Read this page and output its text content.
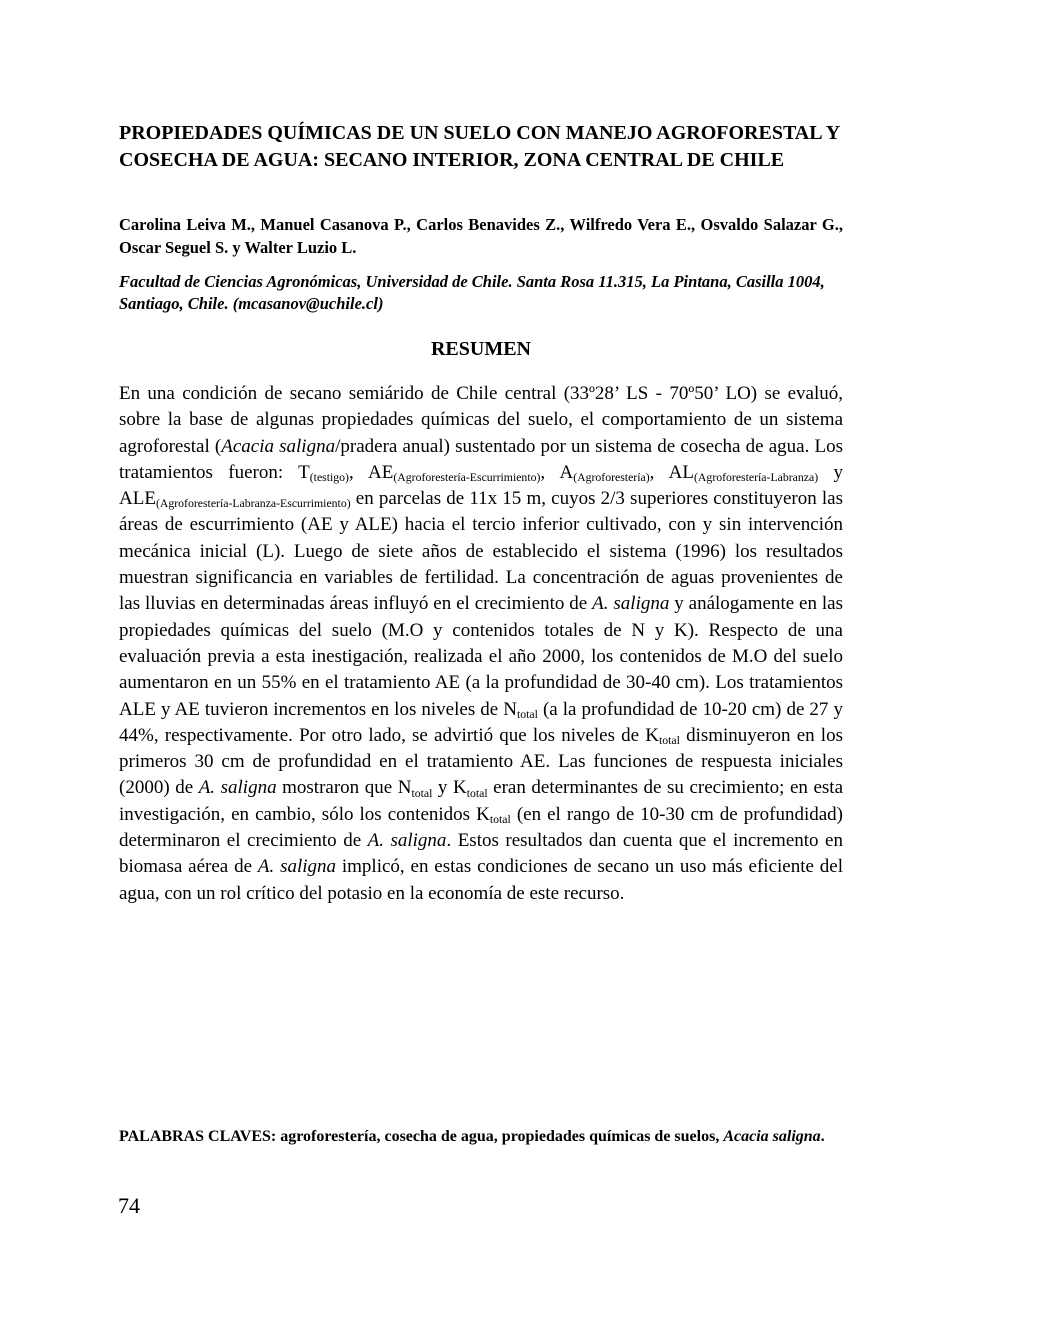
PROPIEDADES QUÍMICAS DE UN SUELO CON MANEJO AGROFORESTAL Y COSECHA DE AGUA: SECANO INTERIOR, ZONA CENTRAL DE CHILE

Carolina Leiva M., Manuel Casanova P., Carlos Benavides Z., Wilfredo Vera E., Osvaldo Salazar G., Oscar Seguel S. y Walter Luzio L.

Facultad de Ciencias Agronómicas, Universidad de Chile. Santa Rosa 11.315, La Pintana, Casilla 1004, Santiago, Chile. (mcasanov@uchile.cl)

RESUMEN

En una condición de secano semiárido de Chile central (33º28’ LS - 70º50’ LO) se evaluó, sobre la base de algunas propiedades químicas del suelo, el comportamiento de un sistema agroforestal (Acacia saligna/pradera anual) sustentado por un sistema de cosecha de agua. Los tratamientos fueron: T(testigo), AE(Agroforestería-Escurrimiento), A(Agroforestería), AL(Agroforestería-Labranza) y ALE(Agroforestería-Labranza-Escurrimiento) en parcelas de 11x 15 m, cuyos 2/3 superiores constituyeron las áreas de escurrimiento (AE y ALE) hacia el tercio inferior cultivado, con y sin intervención mecánica inicial (L). Luego de siete años de establecido el sistema (1996) los resultados muestran significancia en variables de fertilidad. La concentración de aguas provenientes de las lluvias en determinadas áreas influyó en el crecimiento de A. saligna y análogamente en las propiedades químicas del suelo (M.O y contenidos totales de N y K). Respecto de una evaluación previa a esta inestigación, realizada el año 2000, los contenidos de M.O del suelo aumentaron en un 55% en el tratamiento AE (a la profundidad de 30-40 cm). Los tratamientos ALE y AE tuvieron incrementos en los niveles de Ntotal (a la profundidad de 10-20 cm) de 27 y 44%, respectivamente. Por otro lado, se advirtió que los niveles de Ktotal disminuyeron en los primeros 30 cm de profundidad en el tratamiento AE. Las funciones de respuesta iniciales (2000) de A. saligna mostraron que Ntotal y Ktotal eran determinantes de su crecimiento; en esta investigación, en cambio, sólo los contenidos Ktotal (en el rango de 10-30 cm de profundidad) determinaron el crecimiento de A. saligna. Estos resultados dan cuenta que el incremento en biomasa aérea de A. saligna implicó, en estas condiciones de secano un uso más eficiente del agua, con un rol crítico del potasio en la economía de este recurso.

PALABRAS CLAVES: agroforestería, cosecha de agua, propiedades químicas de suelos, Acacia saligna.

74
